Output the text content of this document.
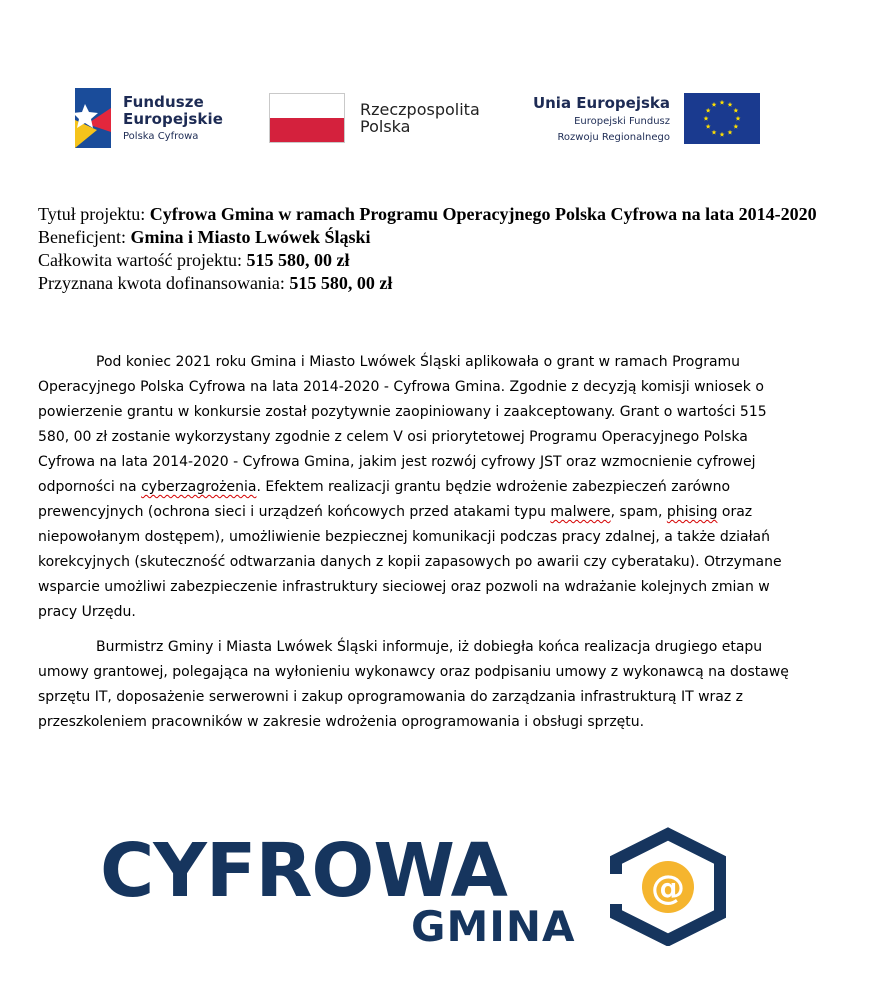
Fundusze
Europejskie
Polska Cyfrowa
Rzeczpospolita
Polska
Unia Europejska
Europejski Fundusz
Rozwoju Regionalnego
Tytuł projektu: Cyfrowa Gmina w ramach Programu Operacyjnego Polska Cyfrowa na lata 2014-2020
Beneficjent: Gmina i Miasto Lwówek Śląski
Całkowita wartość projektu: 515 580, 00 zł
Przyznana kwota dofinansowania: 515 580, 00 zł

Pod koniec 2021 roku Gmina i Miasto Lwówek Śląski aplikowała o grant w ramach Programu Operacyjnego Polska Cyfrowa na lata 2014-2020 - Cyfrowa Gmina. Zgodnie z decyzją komisji wniosek o powierzenie grantu w konkursie został pozytywnie zaopiniowany i zaakceptowany. Grant o wartości 515 580, 00 zł zostanie wykorzystany zgodnie z celem V osi priorytetowej Programu Operacyjnego Polska Cyfrowa na lata 2014-2020 - Cyfrowa Gmina, jakim jest rozwój cyfrowy JST oraz wzmocnienie cyfrowej odporności na cyberzagrożenia. Efektem realizacji grantu będzie wdrożenie zabezpieczeń zarówno prewencyjnych (ochrona sieci i urządzeń końcowych przed atakami typu malwere, spam, phising oraz niepowołanym dostępem), umożliwienie bezpiecznej komunikacji podczas pracy zdalnej, a także działań korekcyjnych (skuteczność odtwarzania danych z kopii zapasowych po awarii czy cyberataku). Otrzymane wsparcie umożliwi zabezpieczenie infrastruktury sieciowej oraz pozwoli na wdrażanie kolejnych zmian w pracy Urzędu.

Burmistrz Gminy i Miasta Lwówek Śląski informuje, iż dobiegła końca realizacja drugiego etapu umowy grantowej, polegająca na wyłonieniu wykonawcy oraz podpisaniu umowy z wykonawcą na dostawę sprzętu IT, doposażenie serwerowni i zakup oprogramowania do zarządzania infrastrukturą IT wraz z przeszkoleniem pracowników w zakresie wdrożenia oprogramowania i obsługi sprzętu.

CYFROWA
GMINA
@
